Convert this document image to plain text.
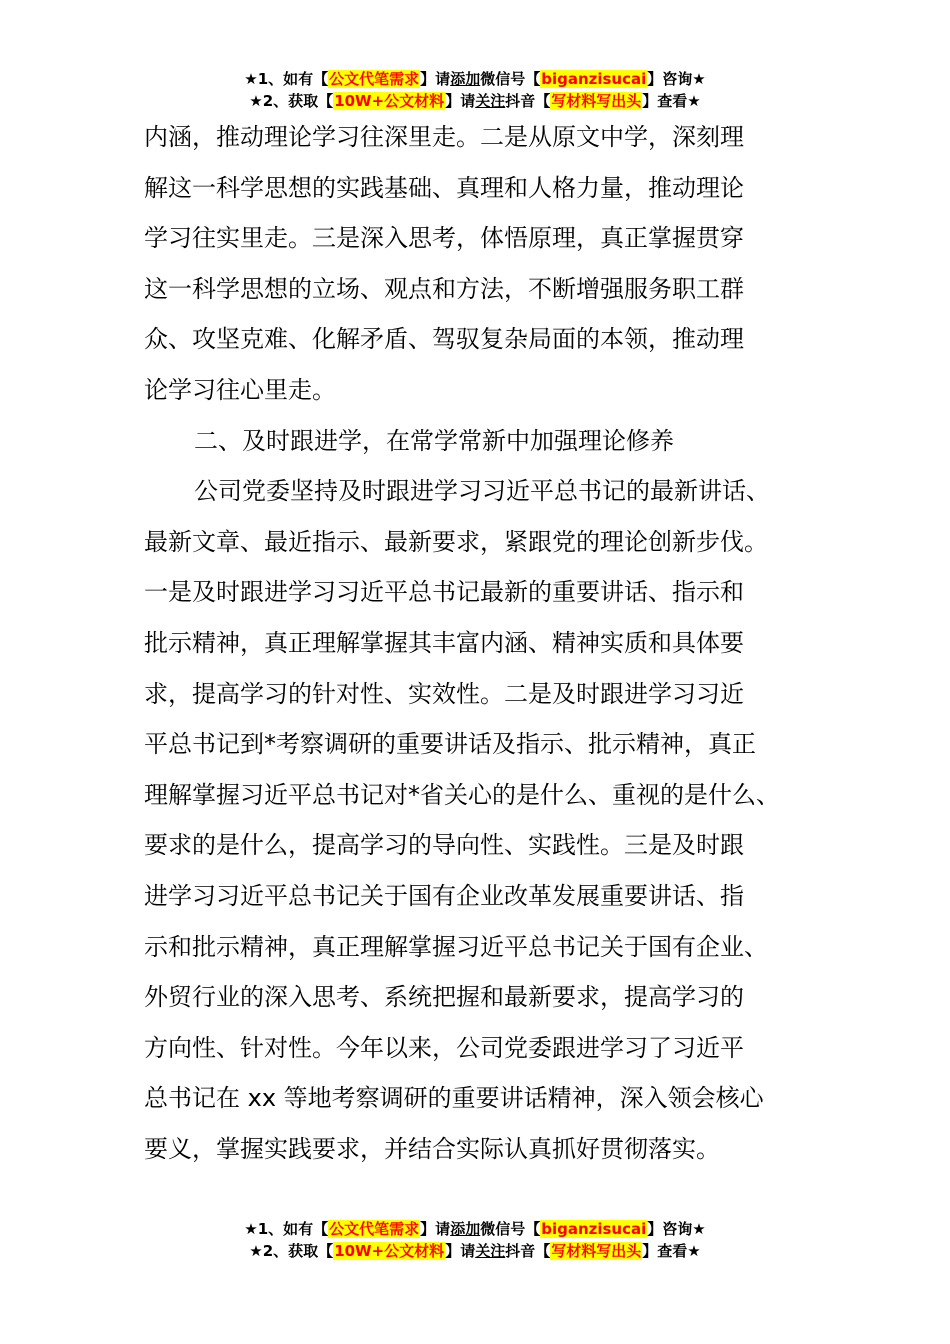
★1、如有【公文代笔需求】请添加微信号【biganzisucai】咨询★
★2、获取【10W+公文材料】请关注抖音【写材料写出头】查看★
内涵，推动理论学习往深里走。二是从原文中学，深刻理
解这一科学思想的实践基础、真理和人格力量，推动理论
学习往实里走。三是深入思考，体悟原理，真正掌握贯穿
这一科学思想的立场、观点和方法，不断增强服务职工群
众、攻坚克难、化解矛盾、驾驭复杂局面的本领，推动理
论学习往心里走。
二、及时跟进学，在常学常新中加强理论修养
公司党委坚持及时跟进学习习近平总书记的最新讲话、
最新文章、最近指示、最新要求，紧跟党的理论创新步伐。
一是及时跟进学习习近平总书记最新的重要讲话、指示和
批示精神，真正理解掌握其丰富内涵、精神实质和具体要
求，提高学习的针对性、实效性。二是及时跟进学习习近
平总书记到*考察调研的重要讲话及指示、批示精神，真正
理解掌握习近平总书记对*省关心的是什么、重视的是什么、
要求的是什么，提高学习的导向性、实践性。三是及时跟
进学习习近平总书记关于国有企业改革发展重要讲话、指
示和批示精神，真正理解掌握习近平总书记关于国有企业、
外贸行业的深入思考、系统把握和最新要求，提高学习的
方向性、针对性。今年以来，公司党委跟进学习了习近平
总书记在 xx 等地考察调研的重要讲话精神，深入领会核心
要义，掌握实践要求，并结合实际认真抓好贯彻落实。
★1、如有【公文代笔需求】请添加微信号【biganzisucai】咨询★
★2、获取【10W+公文材料】请关注抖音【写材料写出头】查看★
